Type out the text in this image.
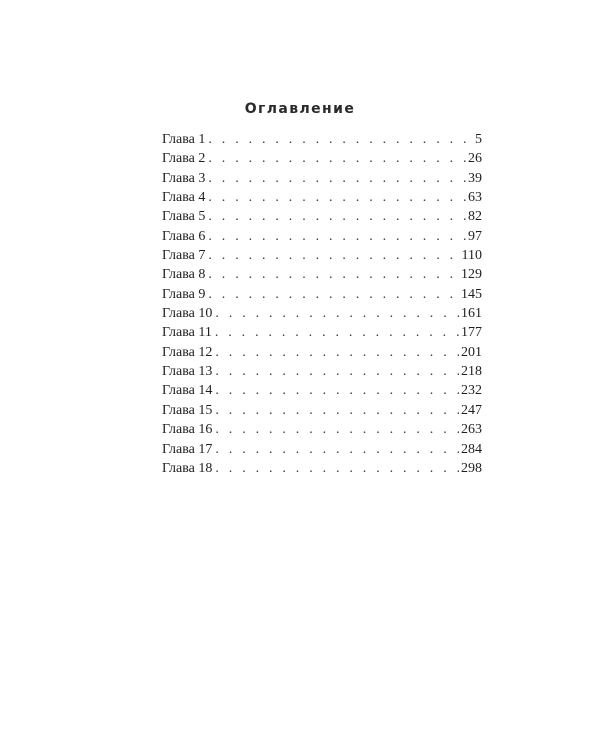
Оглавление
Глава 1 . . .	5
Глава 2 . . .	26
Глава 3 . . .	39
Глава 4 . . .	63
Глава 5 . . .	82
Глава 6 . . .	97
Глава 7 . . .	110
Глава 8 . . .	129
Глава 9 . . .	145
Глава 10 . . .	161
Глава 11 . . .	177
Глава 12 . . .	201
Глава 13 . . .	218
Глава 14 . . .	232
Глава 15 . . .	247
Глава 16 . . .	263
Глава 17 . . .	284
Глава 18 . . .	298
